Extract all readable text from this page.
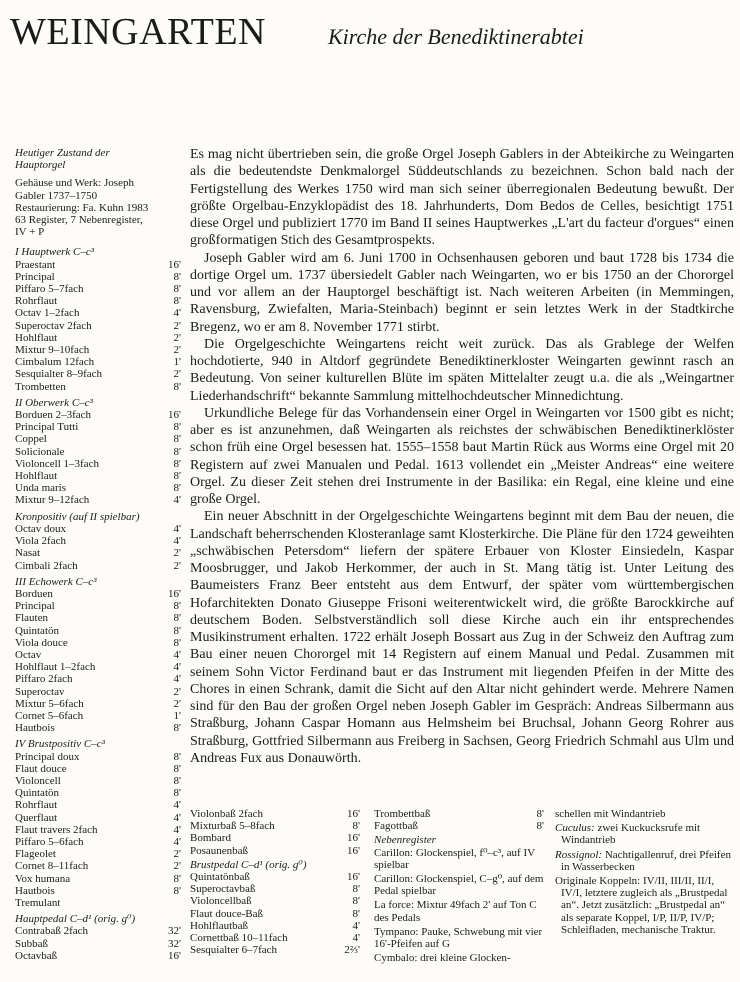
WEINGARTEN	Kirche der Benediktinerabtei
Heutiger Zustand der
Hauptorgel
Gehäuse und Werk: Joseph
Gabler 1737–1750
Restaurierung: Fa. Kuhn 1983
63 Register, 7 Nebenregister,
IV + P
I Hauptwerk C–c³
Praestant	16'
Principal	8'
Piffaro 5–7fach	8'
Rohrflaut	8'
Octav 1–2fach	4'
Superoctav 2fach	2'
Hohlflaut	2'
Mixtur 9–10fach	2'
Cimbalum 12fach	1'
Sesquialter 8–9fach	2'
Trombetten	8'
II Oberwerk C–c³
Borduen 2–3fach	16'
Principal Tutti	8'
Coppel	8'
Solicionale	8'
Violoncell 1–3fach	8'
Hohlflaut	8'
Unda maris	8'
Mixtur 9–12fach	4'
Kronpositiv (auf II spielbar)
Octav doux	4'
Viola 2fach	4'
Nasat	2'
Cimbali 2fach	2'
III Echowerk C–c³
Borduen	16'
Principal	8'
Flauten	8'
Quintatön	8'
Viola douce	8'
Octav	4'
Hohlflaut 1–2fach	4'
Piffaro 2fach	4'
Superoctav	2'
Mixtur 5–6fach	2'
Cornet 5–6fach	1'
Hautbois	8'
IV Brustpositiv C–c³
Principal doux	8'
Flaut douce	8'
Violoncell	8'
Quintatön	8'
Rohrflaut	4'
Querflaut	4'
Flaut travers 2fach	4'
Piffaro 5–6fach	4'
Flageolet	2'
Cornet 8–11fach	2'
Vox humana	8'
Hautbois	8'
Tremulant
Hauptpedal C–d¹ (orig. g⁰)
Contrabaß 2fach	32'
Subbaß	32'
Octavbaß	16'

Es mag nicht übertrieben sein, die große Orgel Joseph Gablers in der Abteikirche zu Weingarten als die bedeutendste Denkmalorgel Süddeutschlands zu bezeichnen. Schon bald nach der Fertigstellung des Werkes 1750 wird man sich seiner überregionalen Bedeutung bewußt. Der größte Orgelbau-Enzyklopädist des 18. Jahrhunderts, Dom Bedos de Celles, besichtigt 1751 diese Orgel und publiziert 1770 im Band II seines Hauptwerkes „L'art du facteur d'orgues“ einen großformatigen Stich des Gesamtprospekts.

Joseph Gabler wird am 6. Juni 1700 in Ochsenhausen geboren und baut 1728 bis 1734 die dortige Orgel um. 1737 übersiedelt Gabler nach Weingarten, wo er bis 1750 an der Chororgel und vor allem an der Hauptorgel beschäftigt ist. Nach weiteren Arbeiten (in Memmingen, Ravensburg, Zwiefalten, Maria-Steinbach) beginnt er sein letztes Werk in der Stadtkirche Bregenz, wo er am 8. November 1771 stirbt.

Die Orgelgeschichte Weingartens reicht weit zurück. Das als Grablege der Welfen hochdotierte, 940 in Altdorf gegründete Benediktinerkloster Weingarten gewinnt rasch an Bedeutung. Von seiner kulturellen Blüte im späten Mittelalter zeugt u.a. die als „Weingartner Liederhandschrift“ bekannte Sammlung mittelhochdeutscher Minnedichtung.

Urkundliche Belege für das Vorhandensein einer Orgel in Weingarten vor 1500 gibt es nicht; aber es ist anzunehmen, daß Weingarten als reichstes der schwäbischen Benediktinerklöster schon früh eine Orgel besessen hat. 1555–1558 baut Martin Rück aus Worms eine Orgel mit 20 Registern auf zwei Manualen und Pedal. 1613 vollendet ein „Meister Andreas“ eine weitere Orgel. Zu dieser Zeit stehen drei Instrumente in der Basilika: ein Regal, eine kleine und eine große Orgel.

Ein neuer Abschnitt in der Orgelgeschichte Weingartens beginnt mit dem Bau der neuen, die Landschaft beherrschenden Klosteranlage samt Klosterkirche. Die Pläne für den 1724 geweihten „schwäbischen Petersdom“ liefern der spätere Erbauer von Kloster Einsiedeln, Kaspar Moosbrugger, und Jakob Herkommer, der auch in St. Mang tätig ist. Unter Leitung des Baumeisters Franz Beer entsteht aus dem Entwurf, der später vom württembergischen Hofarchitekten Donato Giuseppe Frisoni weiterentwickelt wird, die größte Barockkirche auf deutschem Boden. Selbstverständlich soll diese Kirche auch ein ihr entsprechendes Musikinstrument erhalten. 1722 erhält Joseph Bossart aus Zug in der Schweiz den Auftrag zum Bau einer neuen Chororgel mit 14 Registern auf einem Manual und Pedal. Zusammen mit seinem Sohn Victor Ferdinand baut er das Instrument mit liegenden Pfeifen in der Mitte des Chores in einen Schrank, damit die Sicht auf den Altar nicht gehindert werde. Mehrere Namen sind für den Bau der großen Orgel neben Joseph Gabler im Gespräch: Andreas Silbermann aus Straßburg, Johann Caspar Homann aus Helmsheim bei Bruchsal, Johann Georg Rohrer aus Straßburg, Gottfried Silbermann aus Freiberg in Sachsen, Georg Friedrich Schmahl aus Ulm und Andreas Fux aus Donauwörth.

Violonbaß 2fach	16'
Mixturbaß 5–8fach	8'
Bombard	16'
Posaunenbaß	16'
Brustpedal C–d¹ (orig. g⁰)
Quintatönbaß	16'
Superoctavbaß	8'
Violoncellbaß	8'
Flaut douce-Baß	8'
Hohlflautbaß	4'
Cornettbaß 10–11fach	4'
Sesquialter 6–7fach	2⅔'
Trombettbaß	8'
Fagottbaß	8'
Nebenregister

Carillon: Glockenspiel, f⁰–c³, auf IV spielbar

Carillon: Glockenspiel, C–g⁰, auf dem Pedal spielbar

La force: Mixtur 49fach 2' auf Ton C des Pedals

Tympano: Pauke, Schwebung mit vier 16'-Pfeifen auf G

Cymbalo: drei kleine Glocken-

schellen mit Windantrieb

Cuculus: zwei Kuckucksrufe mit Windantrieb

Rossignol: Nachtigallenruf, drei Pfeifen in Wasserbecken

Originale Koppeln: IV/II, III/II, II/I, IV/I, letztere zugleich als „Brustpedal an“. Jetzt zusätzlich: „Brustpedal an“ als separate Koppel, I/P, II/P, IV/P; Schleifladen, mechanische Traktur.
